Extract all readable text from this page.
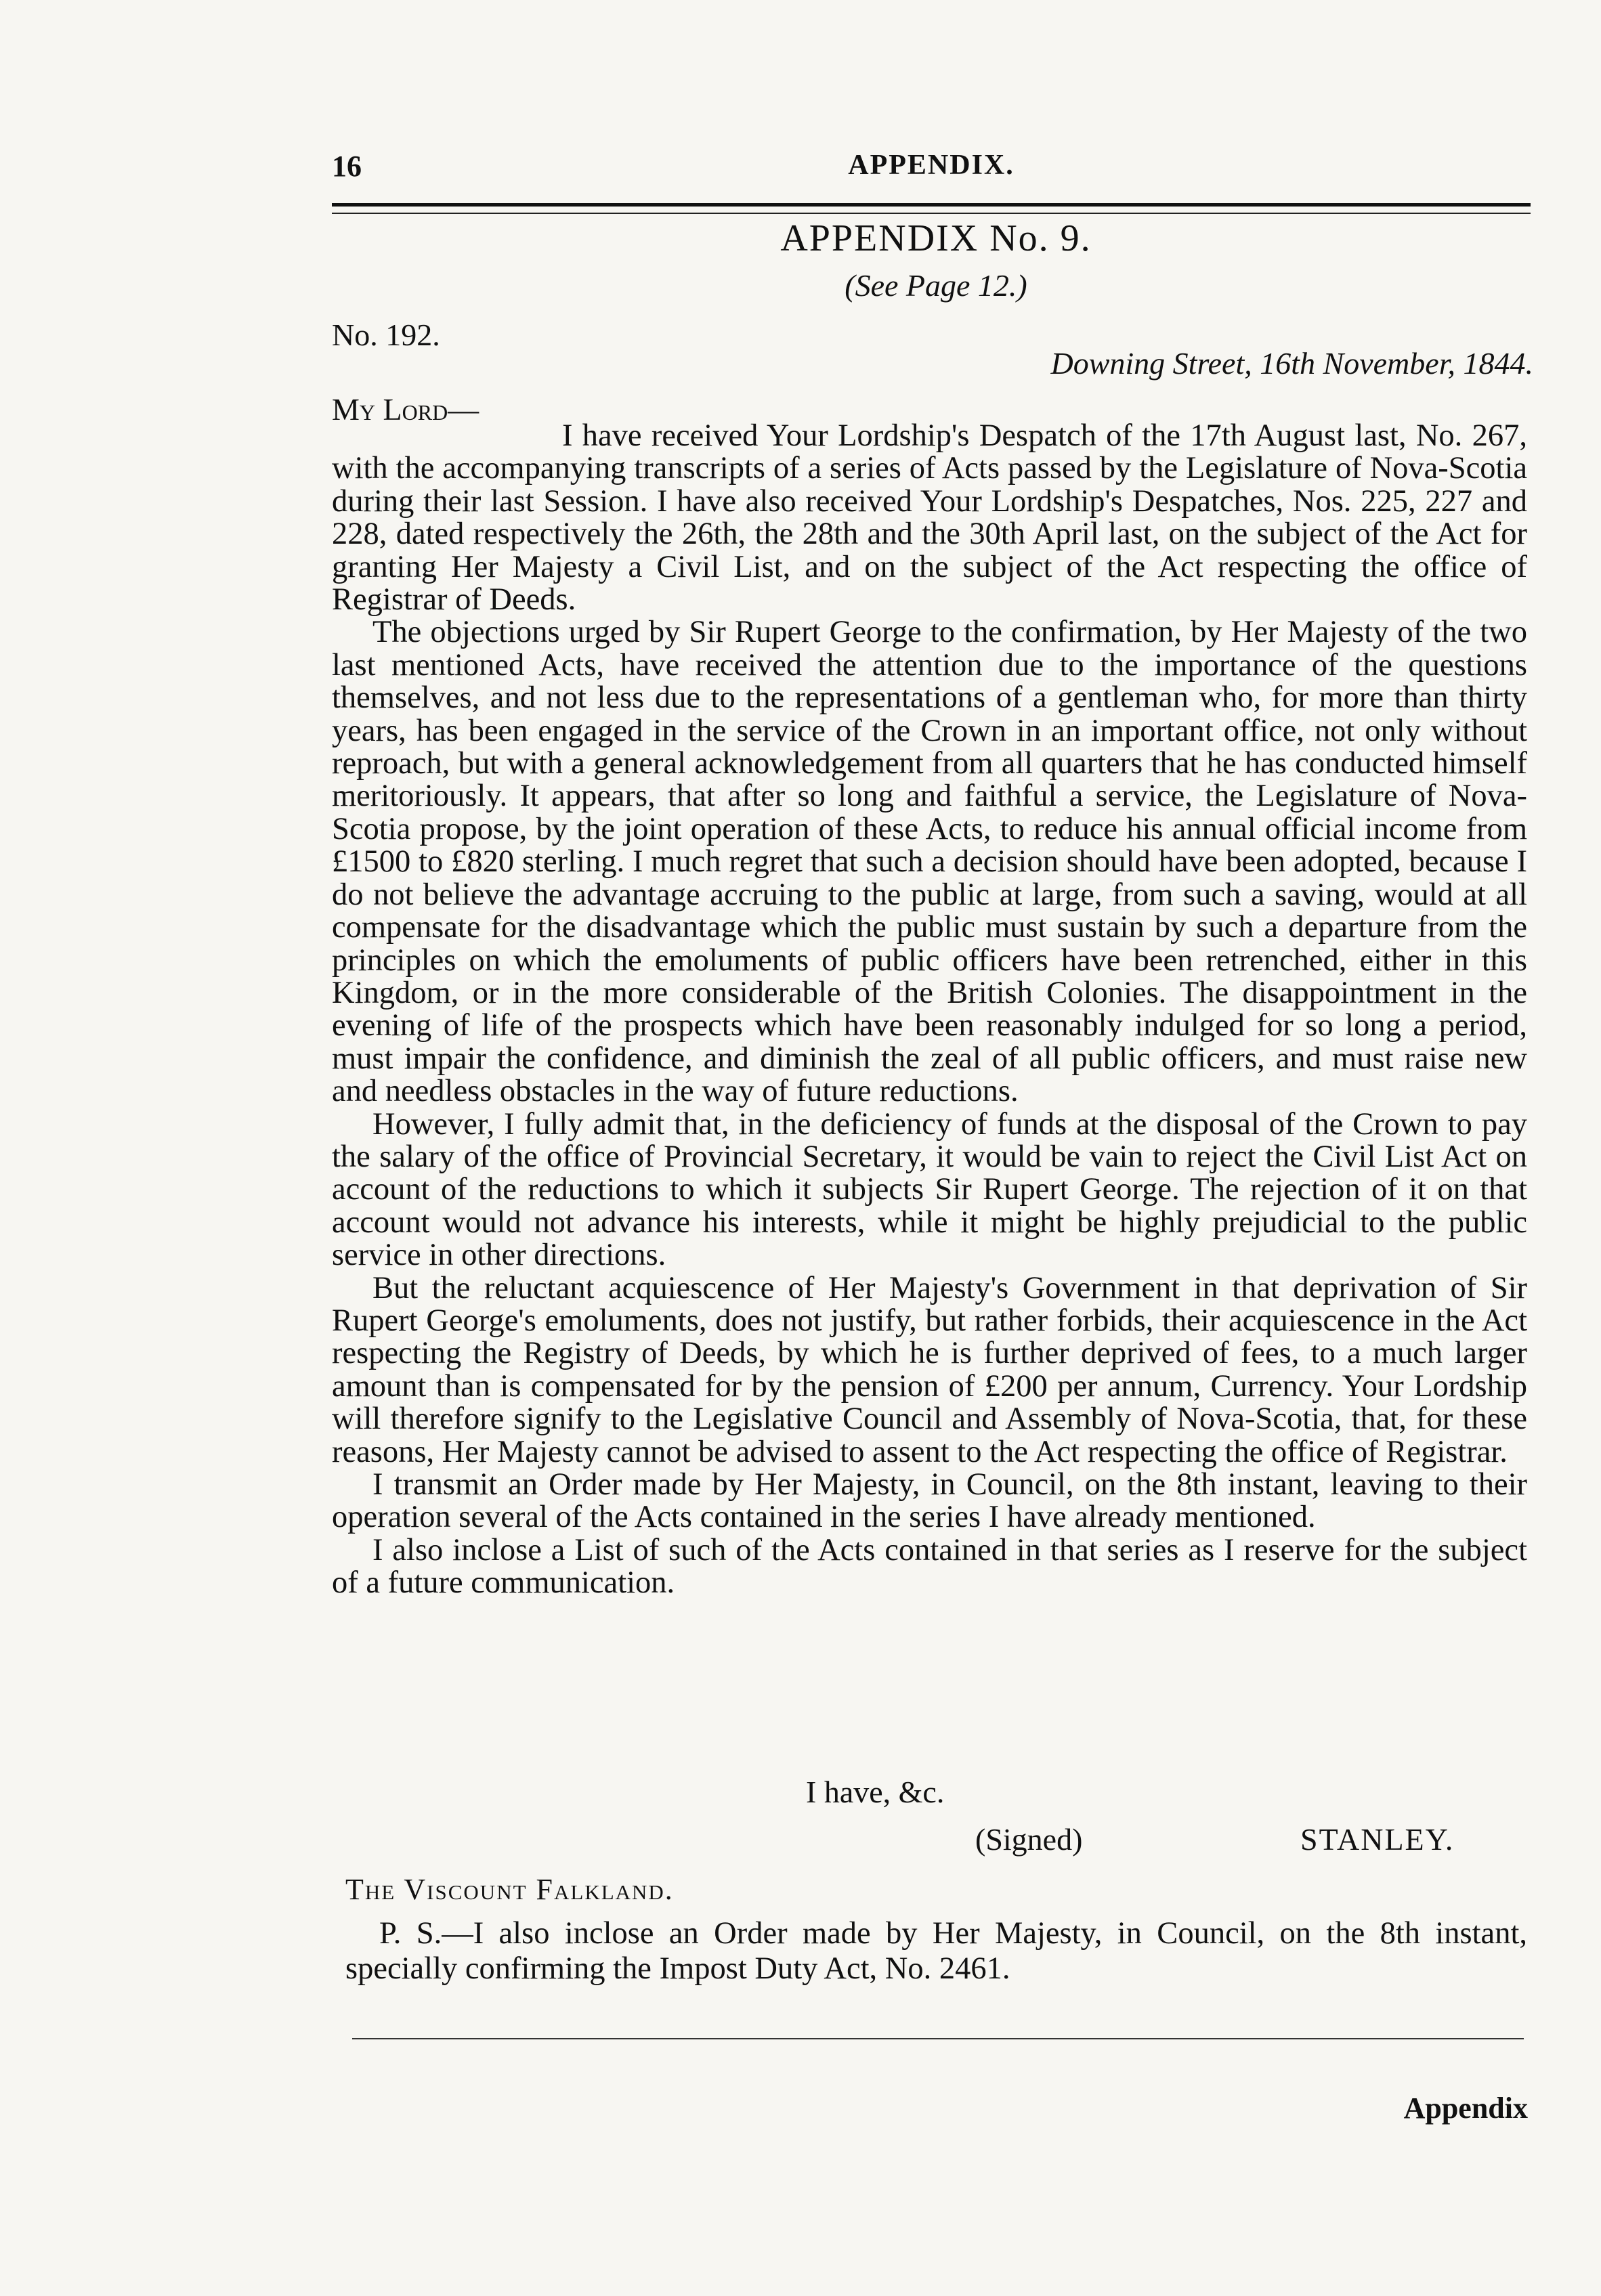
16	APPENDIX.
APPENDIX No. 9.
(See Page 12.)
No. 192.
Downing Street, 16th November, 1844.
My Lord—

I have received Your Lordship's Despatch of the 17th August last, No. 267, with the accompanying transcripts of a series of Acts passed by the Legislature of Nova-Scotia during their last Session. I have also received Your Lordship's Despatches, Nos. 225, 227 and 228, dated respectively the 26th, the 28th and the 30th April last, on the subject of the Act for granting Her Majesty a Civil List, and on the subject of the Act respecting the office of Registrar of Deeds.

The objections urged by Sir Rupert George to the confirmation, by Her Majesty of the two last mentioned Acts, have received the attention due to the importance of the questions themselves, and not less due to the representations of a gentleman who, for more than thirty years, has been engaged in the service of the Crown in an important office, not only without reproach, but with a general acknowledgement from all quarters that he has conducted himself meritoriously. It appears, that after so long and faithful a service, the Legislature of Nova-Scotia propose, by the joint operation of these Acts, to reduce his annual official income from £1500 to £820 sterling. I much regret that such a decision should have been adopted, because I do not believe the advantage accruing to the public at large, from such a saving, would at all compensate for the disadvantage which the public must sustain by such a departure from the principles on which the emoluments of public officers have been retrenched, either in this Kingdom, or in the more considerable of the British Colonies. The disappointment in the evening of life of the prospects which have been reasonably indulged for so long a period, must impair the confidence, and diminish the zeal of all public officers, and must raise new and needless obstacles in the way of future reductions.

However, I fully admit that, in the deficiency of funds at the disposal of the Crown to pay the salary of the office of Provincial Secretary, it would be vain to reject the Civil List Act on account of the reductions to which it subjects Sir Rupert George. The rejection of it on that account would not advance his interests, while it might be highly prejudicial to the public service in other directions.

But the reluctant acquiescence of Her Majesty's Government in that deprivation of Sir Rupert George's emoluments, does not justify, but rather forbids, their acquiescence in the Act respecting the Registry of Deeds, by which he is further deprived of fees, to a much larger amount than is compensated for by the pension of £200 per annum, Currency. Your Lordship will therefore signify to the Legislative Council and Assembly of Nova-Scotia, that, for these reasons, Her Majesty cannot be advised to assent to the Act respecting the office of Registrar.

I transmit an Order made by Her Majesty, in Council, on the 8th instant, leaving to their operation several of the Acts contained in the series I have already mentioned.

I also inclose a List of such of the Acts contained in that series as I reserve for the subject of a future communication.

I have, &c.
(Signed)	STANLEY.
The Viscount Falkland.

P. S.—I also inclose an Order made by Her Majesty, in Council, on the 8th instant, specially confirming the Impost Duty Act, No. 2461.

Appendix
